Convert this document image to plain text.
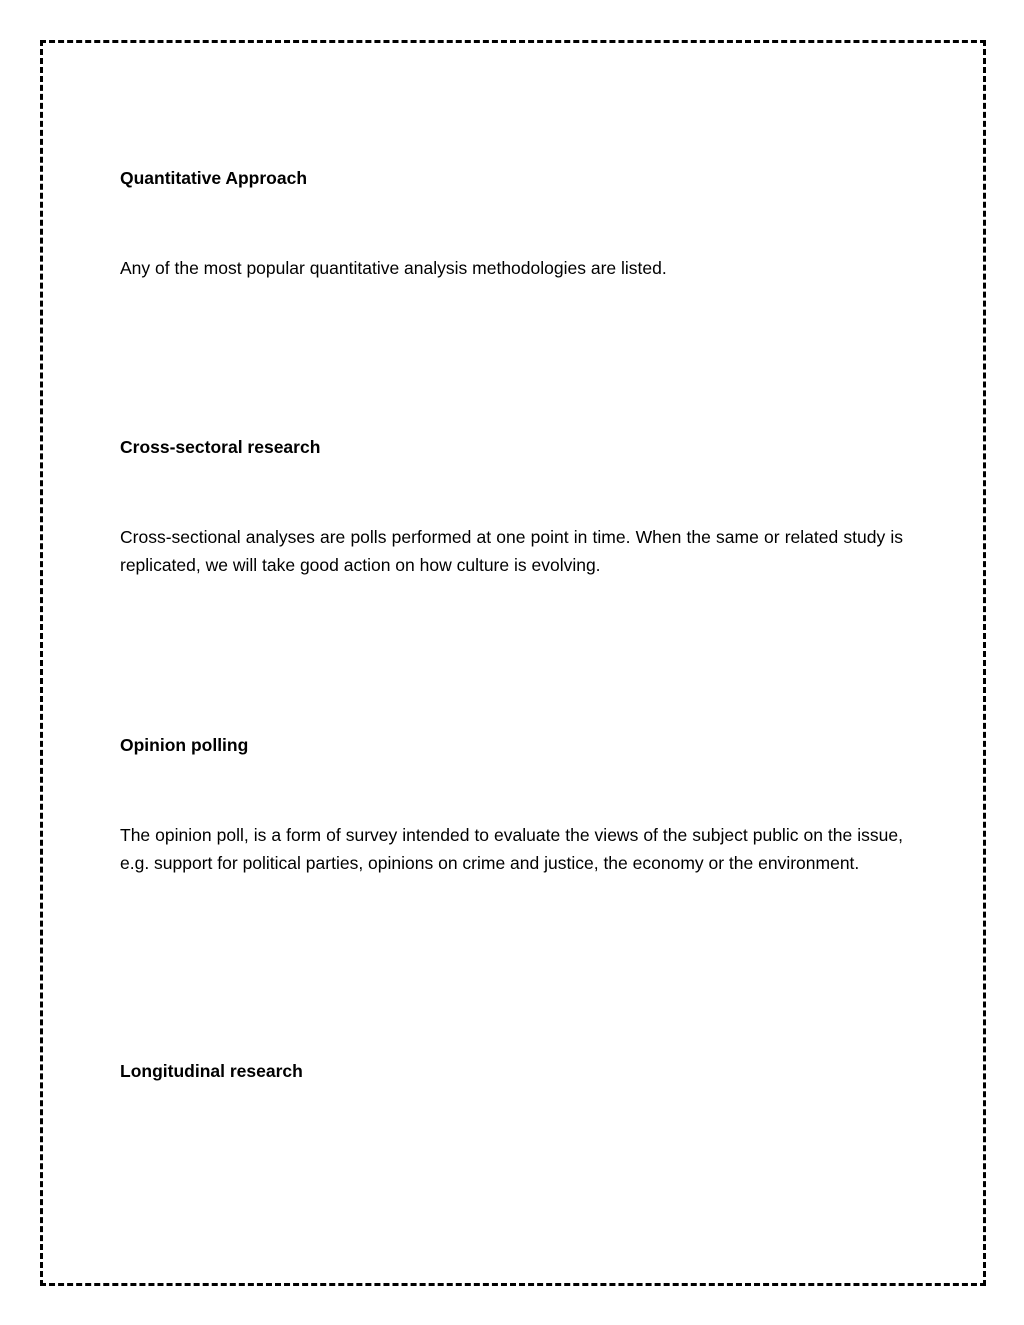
Quantitative Approach

Any of the most popular quantitative analysis methodologies are listed.

Cross-sectoral research

Cross-sectional analyses are polls performed at one point in time. When the same or related study is replicated, we will take good action on how culture is evolving.

Opinion polling

The opinion poll, is a form of survey intended to evaluate the views of the subject public on the issue, e.g. support for political parties, opinions on crime and justice, the economy or the environment.

Longitudinal research
